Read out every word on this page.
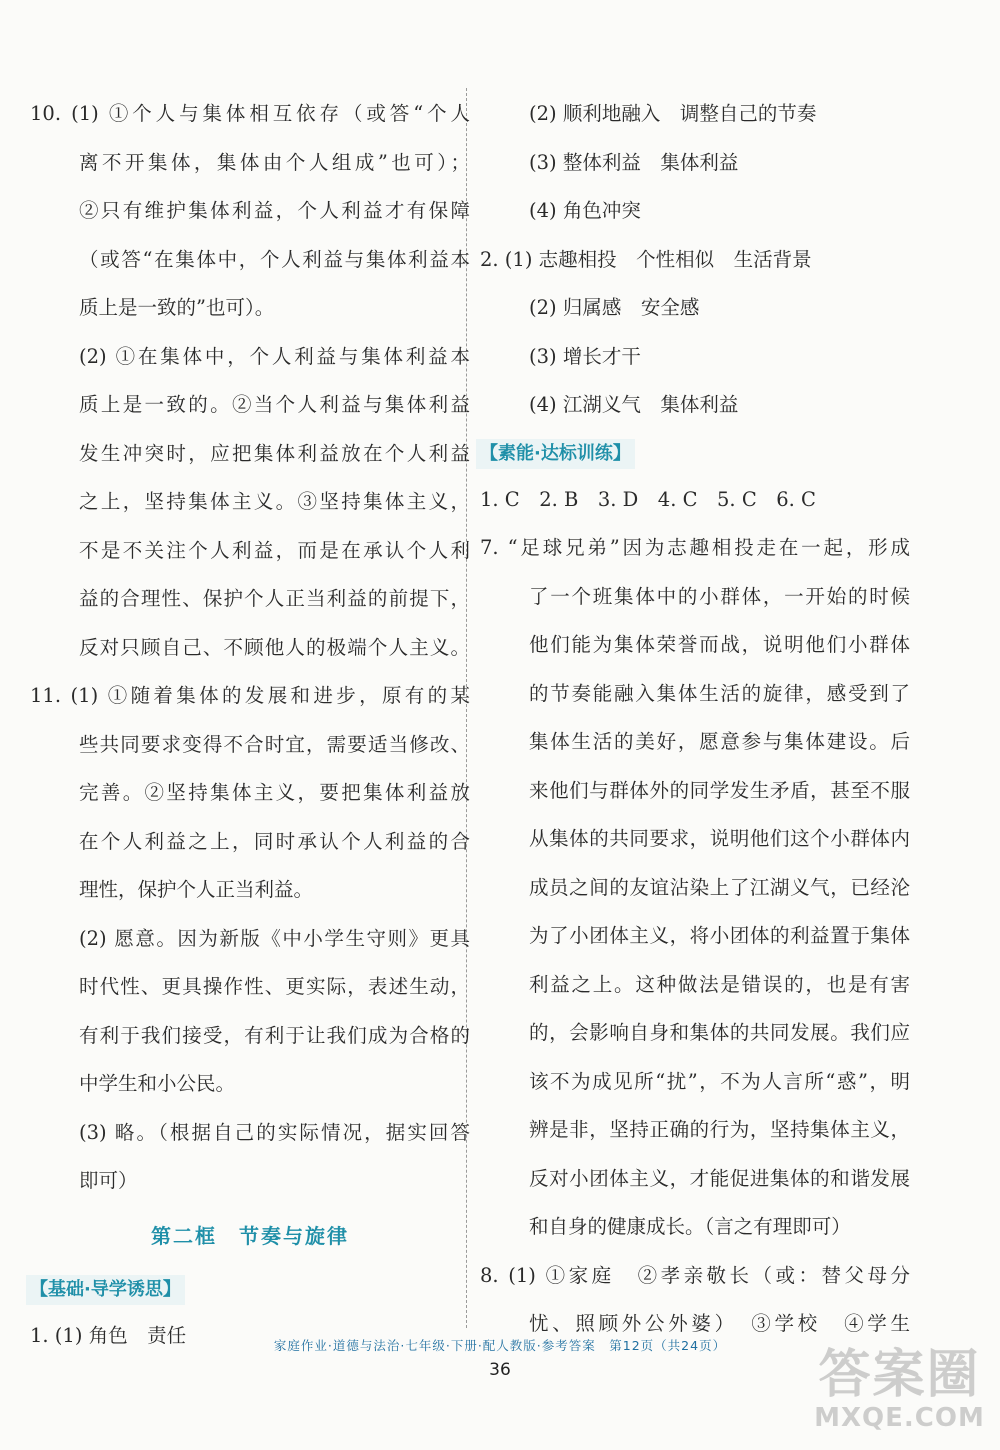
10. (1) ①个人与集体相互依存（或答“个人
离不开集体，集体由个人组成”也可）；
②只有维护集体利益，个人利益才有保障
（或答“在集体中，个人利益与集体利益本
质上是一致的”也可）。
(2) ①在集体中，个人利益与集体利益本
质上是一致的。②当个人利益与集体利益
发生冲突时，应把集体利益放在个人利益
之上，坚持集体主义。③坚持集体主义，
不是不关注个人利益，而是在承认个人利
益的合理性、保护个人正当利益的前提下，
反对只顾自己、不顾他人的极端个人主义。
11. (1) ①随着集体的发展和进步，原有的某
些共同要求变得不合时宜，需要适当修改、
完善。②坚持集体主义，要把集体利益放
在个人利益之上，同时承认个人利益的合
理性，保护个人正当利益。
(2) 愿意。因为新版《中小学生守则》更具
时代性、更具操作性、更实际，表述生动，
有利于我们接受，有利于让我们成为合格的
中学生和小公民。
(3) 略。（根据自己的实际情况，据实回答
即可）
第二框　节奏与旋律
【基础·导学诱思】
1. (1) 角色　责任
(2) 顺利地融入　调整自己的节奏
(3) 整体利益　集体利益
(4) 角色冲突
2. (1) 志趣相投　个性相似　生活背景
(2) 归属感　安全感
(3) 增长才干
(4) 江湖义气　集体利益
【素能·达标训练】
1. C　2. B　3. D　4. C　5. C　6. C
7. “足球兄弟”因为志趣相投走在一起，形成
了一个班集体中的小群体，一开始的时候
他们能为集体荣誉而战，说明他们小群体
的节奏能融入集体生活的旋律，感受到了
集体生活的美好，愿意参与集体建设。后
来他们与群体外的同学发生矛盾，甚至不服
从集体的共同要求，说明他们这个小群体内
成员之间的友谊沾染上了江湖义气，已经沦
为了小团体主义，将小团体的利益置于集体
利益之上。这种做法是错误的，也是有害
的，会影响自身和集体的共同发展。我们应
该不为成见所“扰”，不为人言所“惑”，明
辨是非，坚持正确的行为，坚持集体主义，
反对小团体主义，才能促进集体的和谐发展
和自身的健康成长。（言之有理即可）
8. (1) ①家庭　②孝亲敬长（或：替父母分
忧、照顾外公外婆）　③学校　④学生
家庭作业·道德与法治·七年级·下册·配人教版·参考答案　第12页（共24页）
36	答案圈
MXQE.COM
